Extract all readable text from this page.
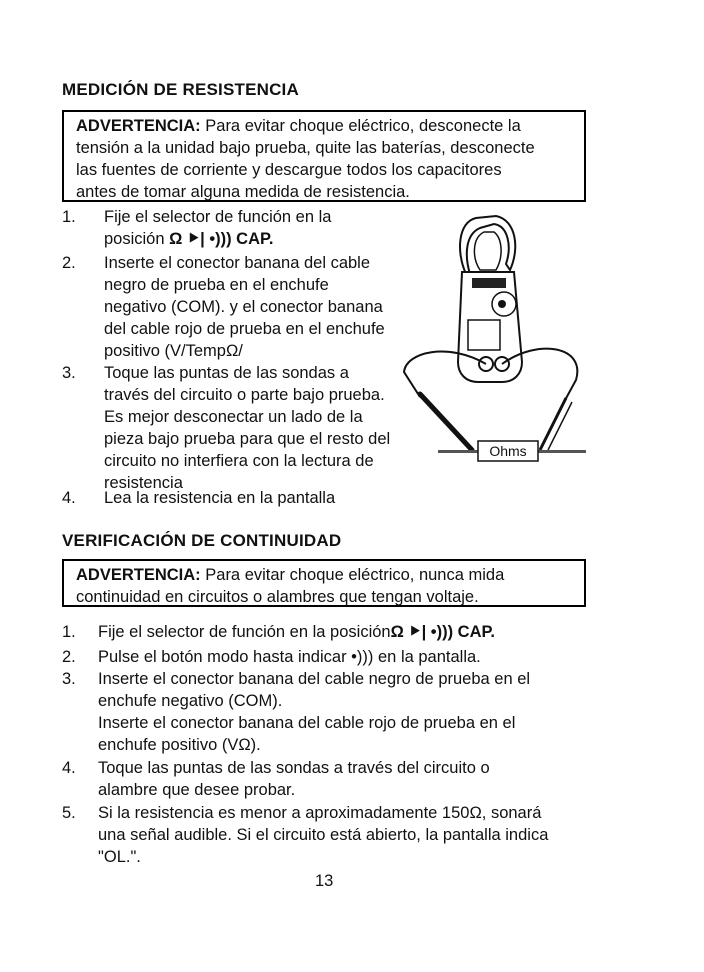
MEDICIÓN DE RESISTENCIA
ADVERTENCIA: Para evitar choque eléctrico, desconecte la
tensión a la unidad bajo prueba, quite las baterías, desconecte
las fuentes de corriente y descargue todos los capacitores
antes de tomar alguna medida de resistencia.
1.	Fije el selector de función en la
posición Ω ⯈| •))) CAP.
2.	Inserte el conector banana del cable
negro de prueba en el enchufe
negativo (COM). y el conector banana
del cable rojo de prueba en el enchufe
positivo (V/TempΩ/
3.	Toque las puntas de las sondas a
través del circuito o parte bajo prueba.
Es mejor desconectar un lado de la
pieza bajo prueba para que el resto del
circuito no interfiera con la lectura de
resistencia
4.	Lea la resistencia en la pantalla
Ohms
VERIFICACIÓN DE CONTINUIDAD
ADVERTENCIA: Para evitar choque eléctrico, nunca mida
continuidad en circuitos o alambres que tengan voltaje.
1.	Fije el selector de función en la posiciónΩ ⯈| •))) CAP.
2.	Pulse el botón modo hasta indicar •))) en la pantalla.
3.	Inserte el conector banana del cable negro de prueba en el
enchufe negativo (COM).
Inserte el conector banana del cable rojo de prueba en el
enchufe positivo (VΩ).
4.	Toque las puntas de las sondas a través del circuito o
alambre que desee probar.
5.	Si la resistencia es menor a aproximadamente 150Ω, sonará
una señal audible. Si el circuito está abierto, la pantalla indica
"OL.".
13
